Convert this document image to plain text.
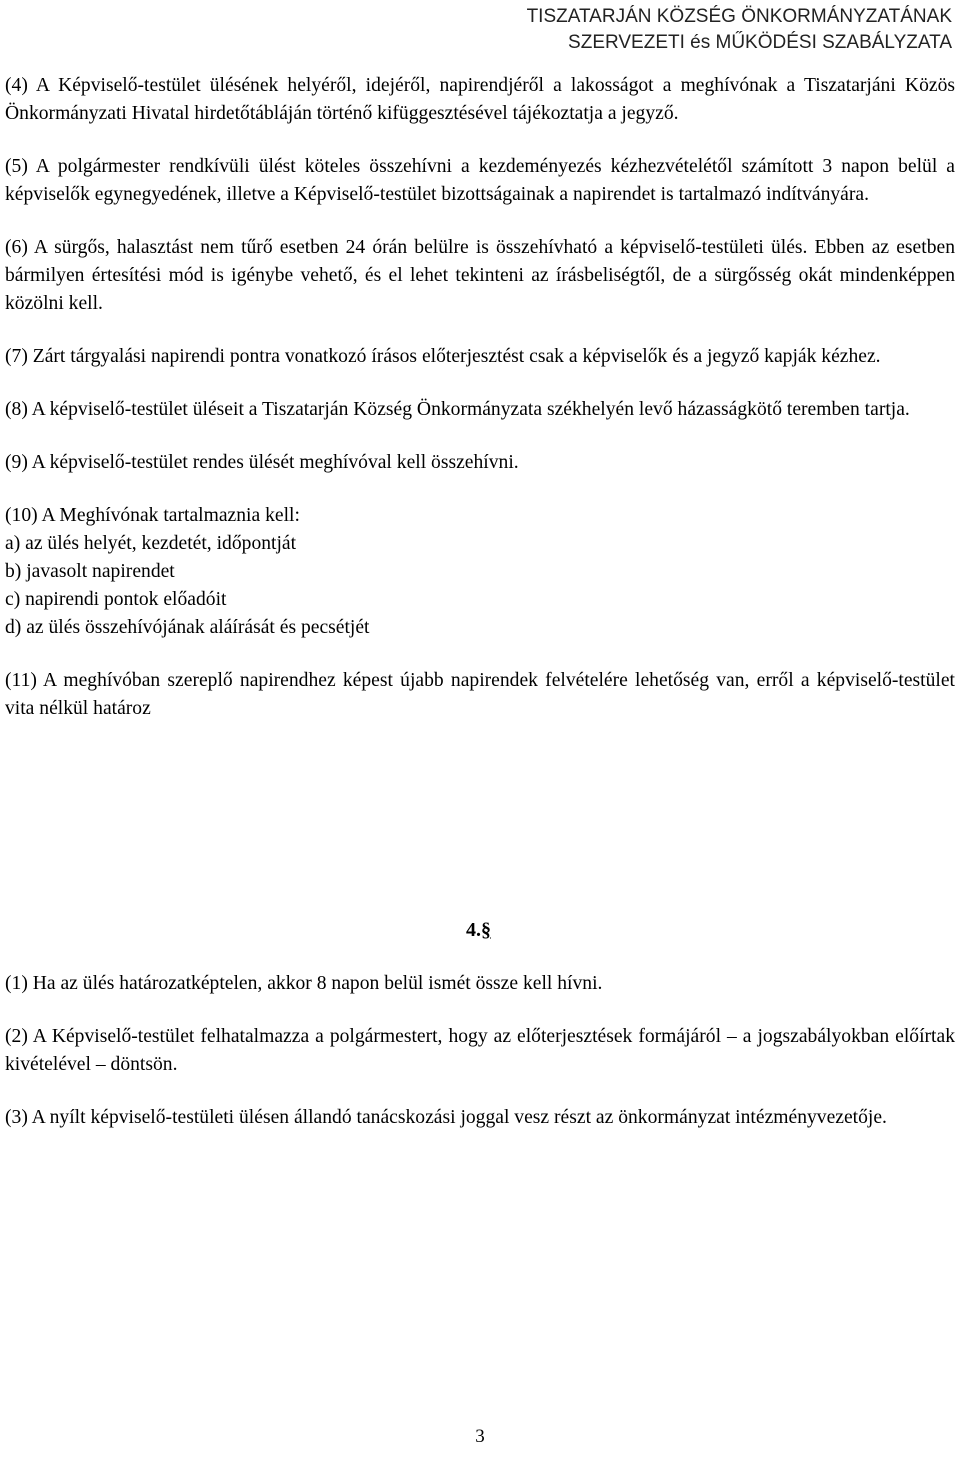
TISZATARJÁN KÖZSÉG ÖNKORMÁNYZATÁNAK
SZERVEZETI és MŰKÖDÉSI SZABÁLYZATA

(4) A Képviselő-testület ülésének helyéről, idejéről, napirendjéről a lakosságot a meghívónak a Tiszatarjáni Közös Önkormányzati Hivatal hirdetőtábláján történő kifüggesztésével tájékoztatja a jegyző.

(5) A polgármester rendkívüli ülést köteles összehívni a kezdeményezés kézhezvételétől számított 3 napon belül a képviselők egynegyedének, illetve a Képviselő-testület bizottságainak a napirendet is tartalmazó indítványára.

(6) A sürgős, halasztást nem tűrő esetben 24 órán belülre is összehívható a képviselő-testületi ülés. Ebben az esetben bármilyen értesítési mód is igénybe vehető, és el lehet tekinteni az írásbeliségtől, de a sürgősség okát mindenképpen közölni kell.

(7) Zárt tárgyalási napirendi pontra vonatkozó írásos előterjesztést csak a képviselők és a jegyző kapják kézhez.

(8) A képviselő-testület üléseit a Tiszatarján Község Önkormányzata székhelyén levő házasságkötő teremben tartja.

(9) A képviselő-testület rendes ülését meghívóval kell összehívni.

(10) A Meghívónak tartalmaznia kell:
a) az ülés helyét, kezdetét, időpontját
b) javasolt napirendet
c) napirendi pontok előadóit
d) az ülés összehívójának aláírását és pecsétjét

(11) A meghívóban szereplő napirendhez képest újabb napirendek felvételére lehetőség van, erről a képviselő-testület vita nélkül határoz

4.§

(1) Ha az ülés határozatképtelen, akkor 8 napon belül ismét össze kell hívni.

(2) A Képviselő-testület felhatalmazza a polgármestert, hogy az előterjesztések formájáról – a jogszabályokban előírtak kivételével – döntsön.

(3) A nyílt képviselő-testületi ülésen állandó tanácskozási joggal vesz részt az önkormányzat intézményvezetője.

3
